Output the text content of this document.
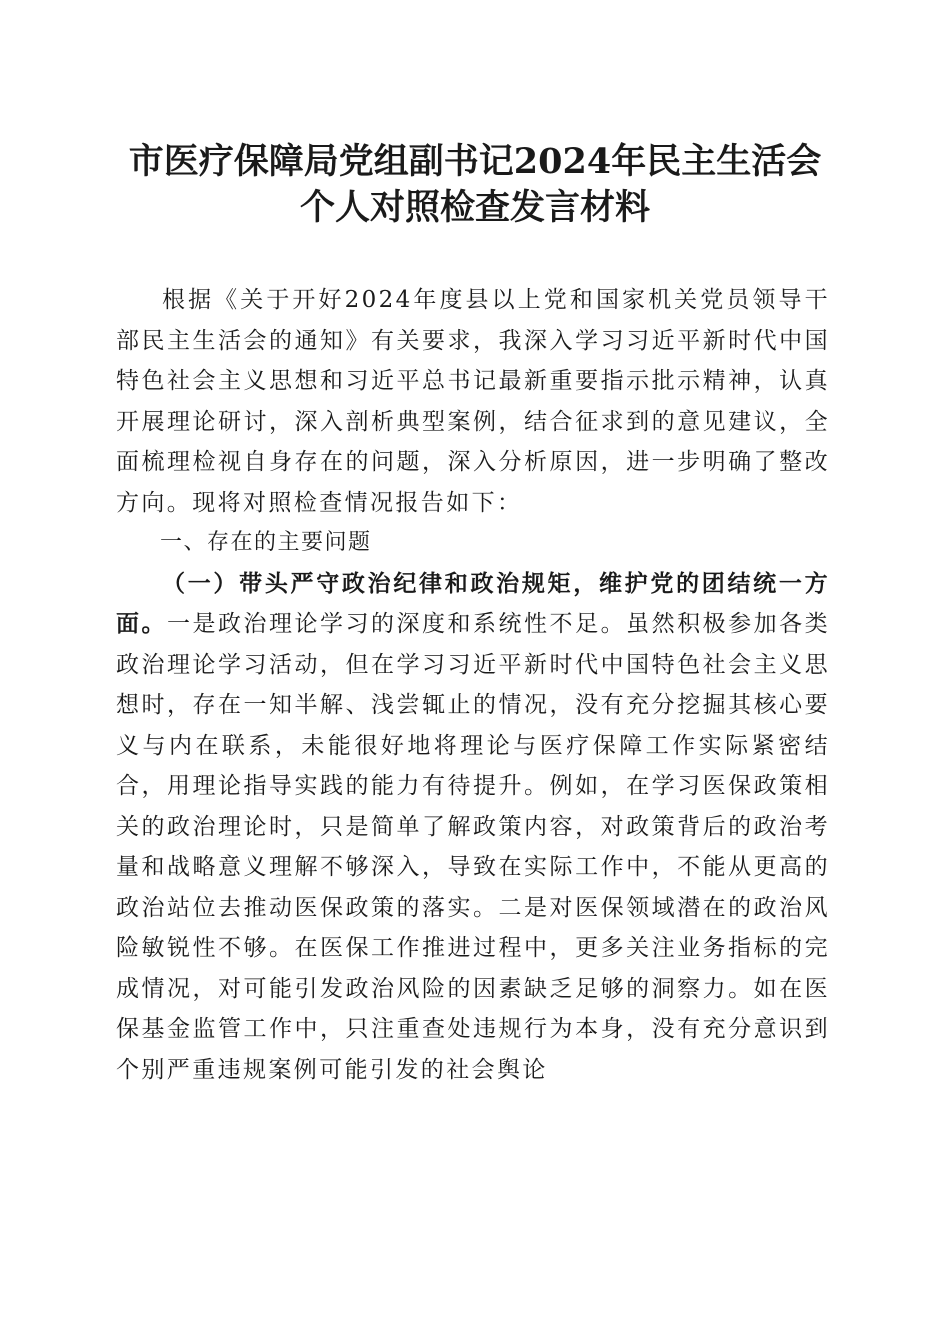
市医疗保障局党组副书记2024年民主生活会
个人对照检查发言材料

根据《关于开好2024年度县以上党和国家机关党员领导干部民主生活会的通知》有关要求，我深入学习习近平新时代中国特色社会主义思想和习近平总书记最新重要指示批示精神，认真开展理论研讨，深入剖析典型案例，结合征求到的意见建议，全面梳理检视自身存在的问题，深入分析原因，进一步明确了整改方向。现将对照检查情况报告如下：

一、存在的主要问题

（一）带头严守政治纪律和政治规矩，维护党的团结统一方面。一是政治理论学习的深度和系统性不足。虽然积极参加各类政治理论学习活动，但在学习习近平新时代中国特色社会主义思想时，存在一知半解、浅尝辄止的情况，没有充分挖掘其核心要义与内在联系，未能很好地将理论与医疗保障工作实际紧密结合，用理论指导实践的能力有待提升。例如，在学习医保政策相关的政治理论时，只是简单了解政策内容，对政策背后的政治考量和战略意义理解不够深入，导致在实际工作中，不能从更高的政治站位去推动医保政策的落实。二是对医保领域潜在的政治风险敏锐性不够。在医保工作推进过程中，更多关注业务指标的完成情况，对可能引发政治风险的因素缺乏足够的洞察力。如在医保基金监管工作中，只注重查处违规行为本身，没有充分意识到个别严重违规案例可能引发的社会舆论
